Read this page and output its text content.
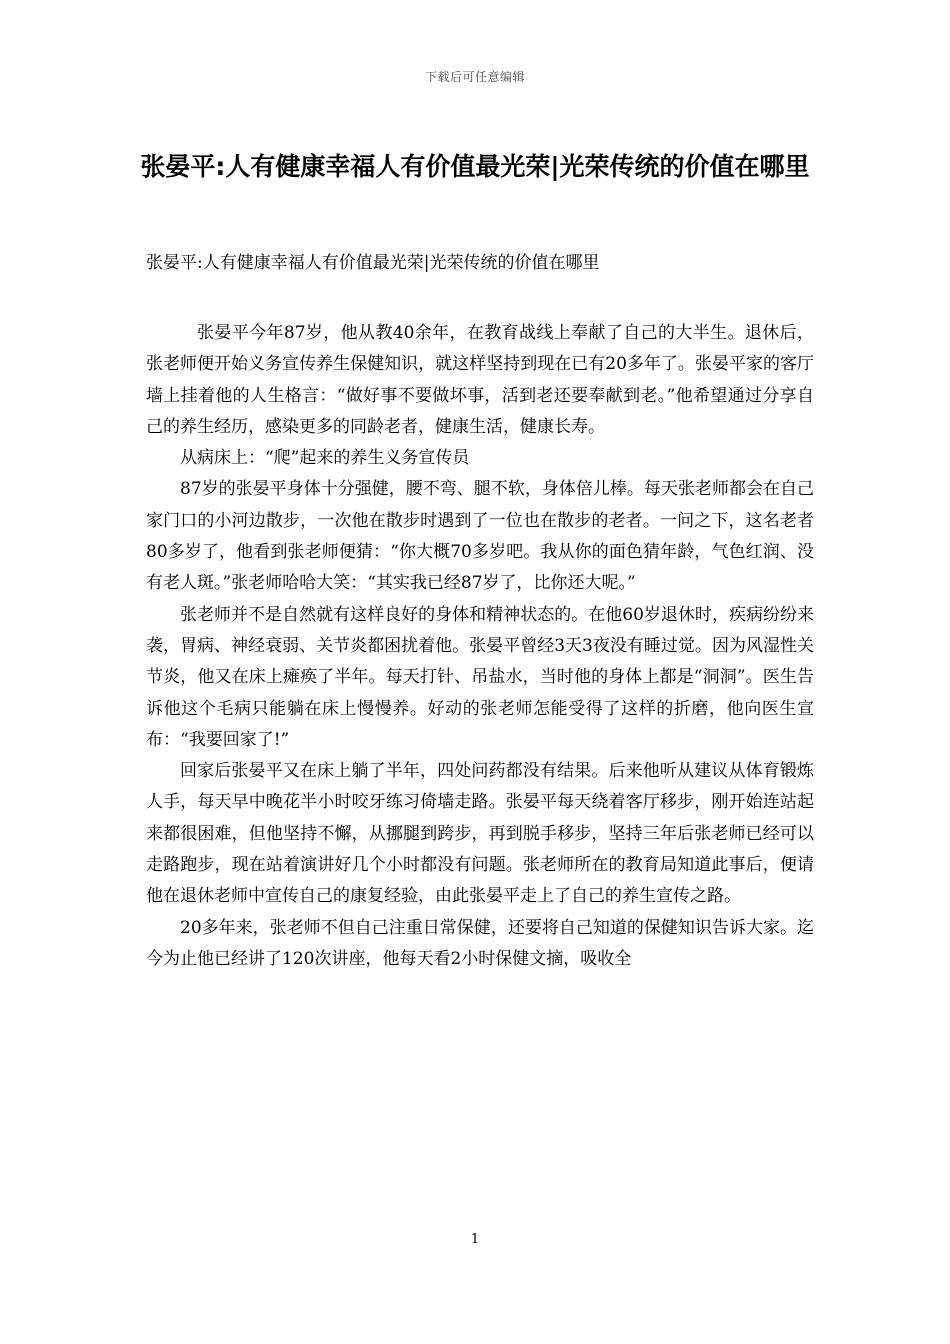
下载后可任意编辑
张晏平:人有健康幸福人有价值最光荣|光荣传统的价值在哪里
张晏平:人有健康幸福人有价值最光荣|光荣传统的价值在哪里

张晏平今年87岁，他从教40余年，在教育战线上奉献了自己的大半生。退休后，张老师便开始义务宣传养生保健知识，就这样坚持到现在已有20多年了。张晏平家的客厅墙上挂着他的人生格言：“做好事不要做坏事，活到老还要奉献到老。”他希望通过分享自己的养生经历，感染更多的同龄老者，健康生活，健康长寿。

从病床上：“爬”起来的养生义务宣传员

87岁的张晏平身体十分强健，腰不弯、腿不软，身体倍儿棒。每天张老师都会在自己家门口的小河边散步，一次他在散步时遇到了一位也在散步的老者。一问之下，这名老者80多岁了，他看到张老师便猜：“你大概70多岁吧。我从你的面色猜年龄，气色红润、没有老人斑。”张老师哈哈大笑：“其实我已经87岁了，比你还大呢。”

张老师并不是自然就有这样良好的身体和精神状态的。在他60岁退休时，疾病纷纷来袭，胃病、神经衰弱、关节炎都困扰着他。张晏平曾经3天3夜没有睡过觉。因为风湿性关节炎，他又在床上瘫痪了半年。每天打针、吊盐水，当时他的身体上都是“洞洞”。医生告诉他这个毛病只能躺在床上慢慢养。好动的张老师怎能受得了这样的折磨，他向医生宣布：“我要回家了!”

回家后张晏平又在床上躺了半年，四处问药都没有结果。后来他听从建议从体育锻炼人手，每天早中晚花半小时咬牙练习倚墙走路。张晏平每天绕着客厅移步，刚开始连站起来都很困难，但他坚持不懈，从挪腿到跨步，再到脱手移步，坚持三年后张老师已经可以走路跑步，现在站着演讲好几个小时都没有问题。张老师所在的教育局知道此事后，便请他在退休老师中宣传自己的康复经验，由此张晏平走上了自己的养生宣传之路。

20多年来，张老师不但自己注重日常保健，还要将自己知道的保健知识告诉大家。迄今为止他已经讲了120次讲座，他每天看2小时保健文摘，吸收全

1
